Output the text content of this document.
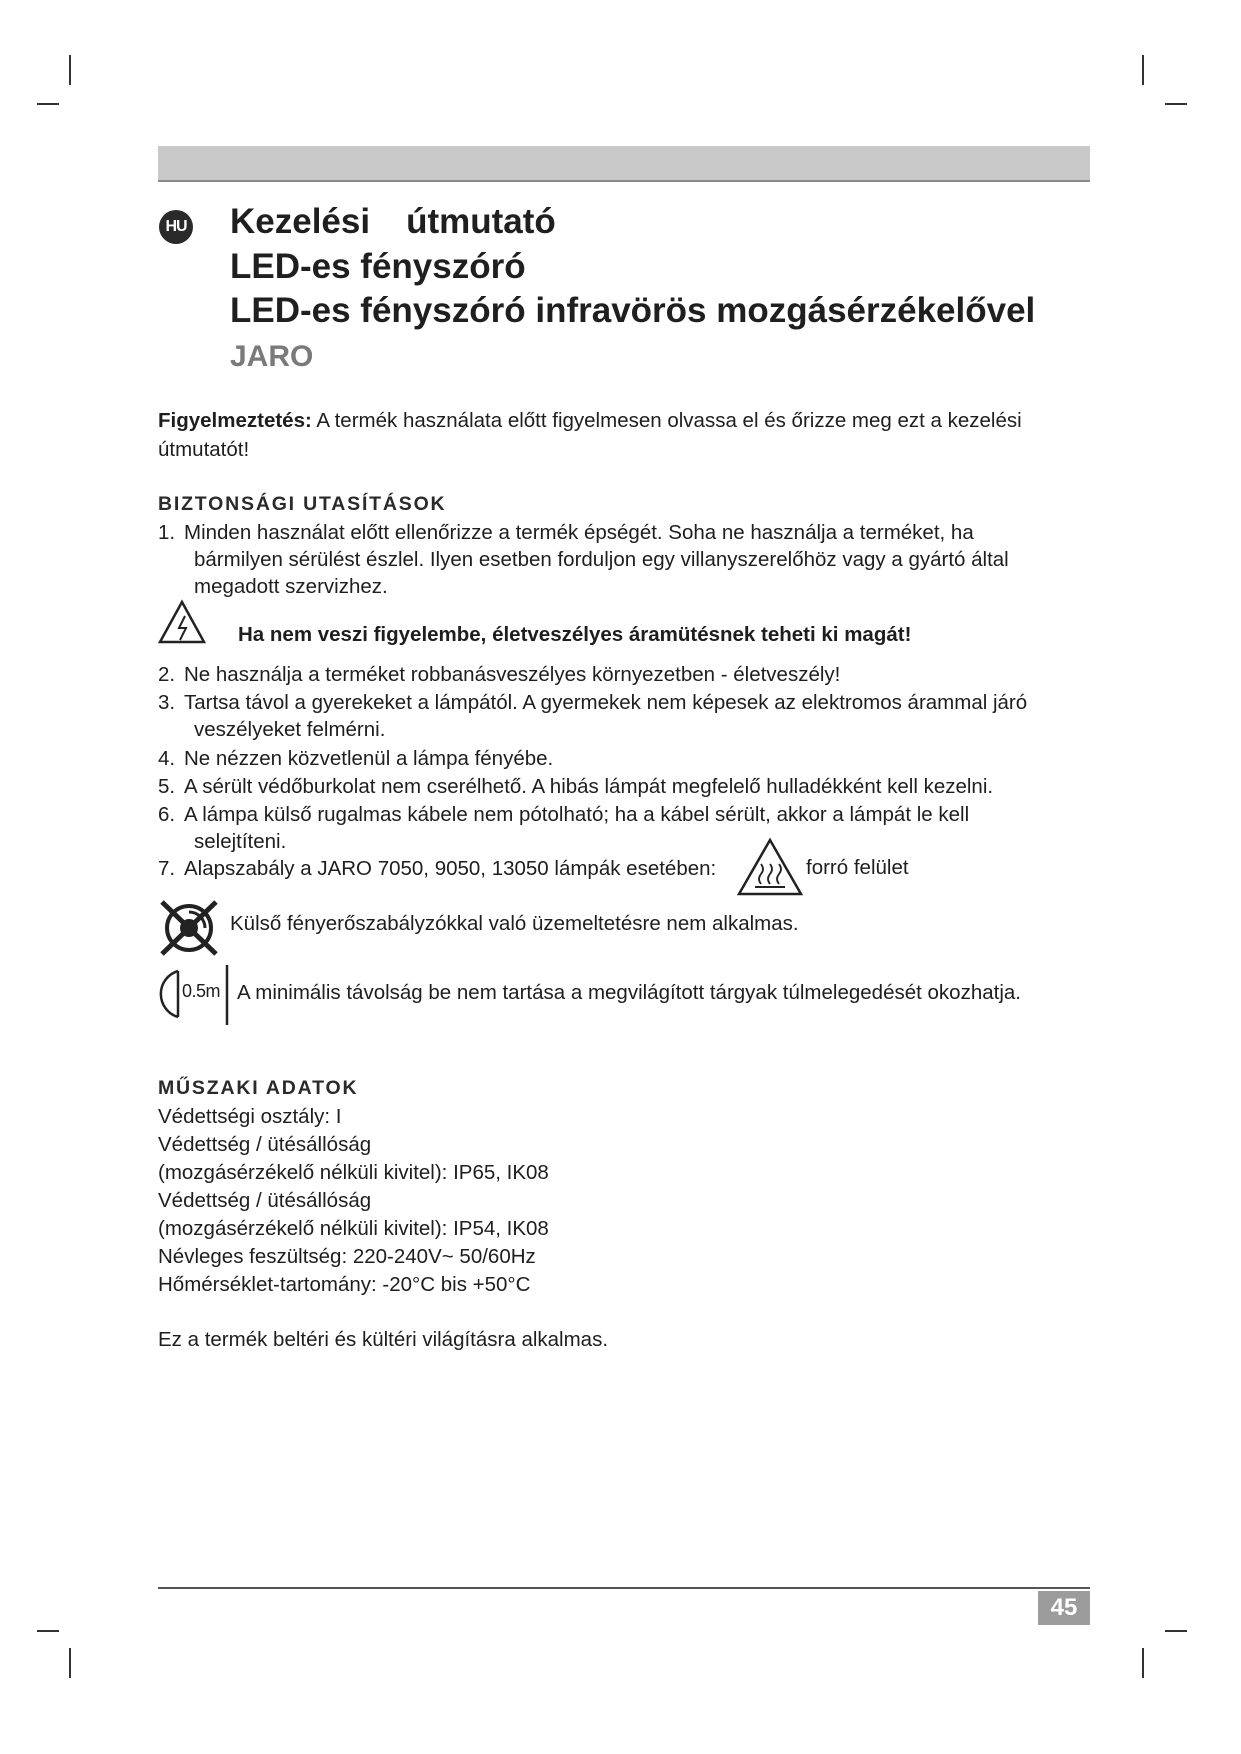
HU Kezelési útmutató
LED-es fényszóró
LED-es fényszóró infravörös mozgásérzékelővel
JARO
Figyelmeztetés: A termék használata előtt figyelmesen olvassa el és őrizze meg ezt a kezelési útmutatót!
BIZTONSÁGI UTASÍTÁSOK
1. Minden használat előtt ellenőrizze a termék épségét. Soha ne használja a terméket, ha
bármilyen sérülést észlel. Ilyen esetben forduljon egy villanyszerelőhöz vagy a gyártó által megadott szervizhez.
Ha nem veszi figyelembe, életveszélyes áramütésnek teheti ki magát!
2. Ne használja a terméket robbanásveszélyes környezetben - életveszély!
3. Tartsa távol a gyerekeket a lámpától. A gyermekek nem képesek az elektromos árammal járó
veszélyeket felmérni.
4. Ne nézzen közvetlenül a lámpa fényébe.
5. A sérült védőburkolat nem cserélhető. A hibás lámpát megfelelő hulladékként kell kezelni.
6. A lámpa külső rugalmas kábele nem pótolható; ha a kábel sérült, akkor a lámpát le kell
selejtíteni.
7. Alapszabály a JARO 7050, 9050, 13050 lámpák esetében:	forró felület
Külső fényerőszabályzókkal való üzemeltetésre nem alkalmas.
0.5m A minimális távolság be nem tartása a megvilágított tárgyak túlmelegedését okozhatja.
MŰSZAKI ADATOK
Védettségi osztály: I
Védettség / ütésállóság
(mozgásérzékelő nélküli kivitel): IP65, IK08
Védettség / ütésállóság
(mozgásérzékelő nélküli kivitel): IP54, IK08
Névleges feszültség: 220-240V~ 50/60Hz
Hőmérséklet-tartomány: -20°C bis +50°C
Ez a termék beltéri és kültéri világításra alkalmas.
45
